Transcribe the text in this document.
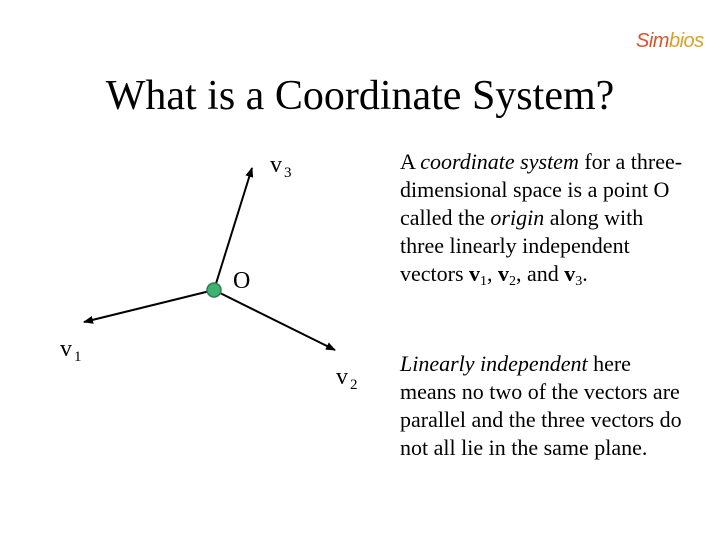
Simbios
What is a Coordinate System?
v $_3$
O
v $_1$
v $_2$
A coordinate system for a three-dimensional space is a point O called the origin along with three linearly independent vectors $v_1$, $v_2$, and $v_3$.
Linearly independent here means no two of the vectors are parallel and the three vectors do not all lie in the same plane.
